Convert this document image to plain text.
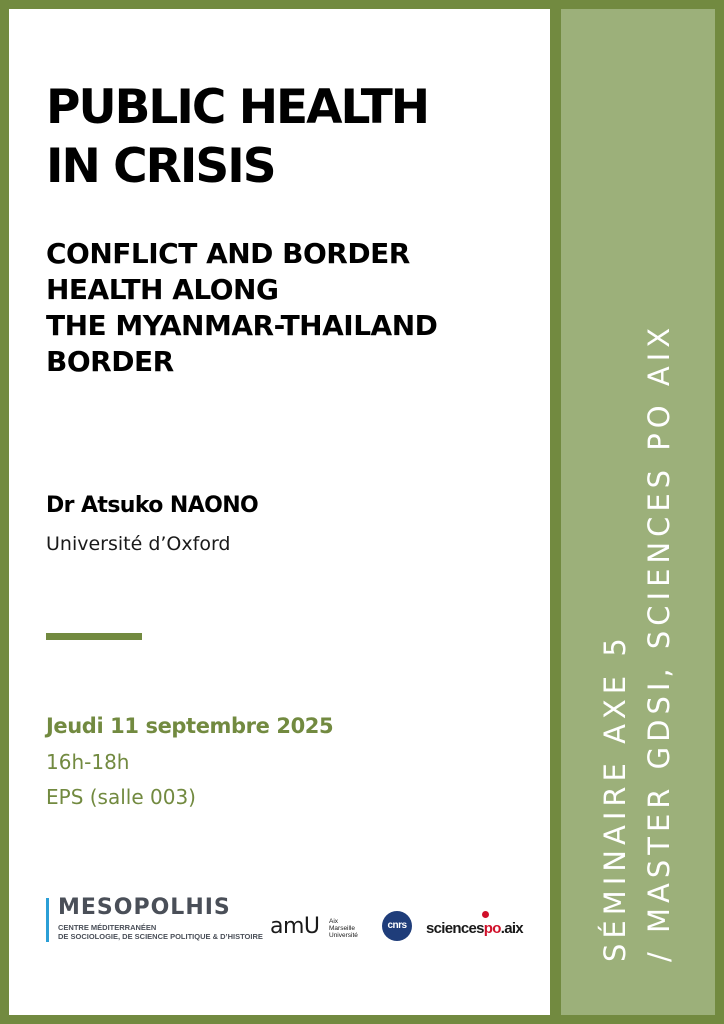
SÉMINAIRE AXE 5 / MASTER GDSI, SCIENCES PO AIX
PUBLIC HEALTH
IN CRISIS
CONFLICT AND BORDER
HEALTH ALONG
THE MYANMAR-THAILAND
BORDER
Dr Atsuko NAONO
Université d’Oxford
Jeudi 11 septembre 2025
16h-18h
EPS (salle 003)
MESOPOLHIS
CENTRE MÉDITERRANÉEN
DE SOCIOLOGIE, DE SCIENCE POLITIQUE & D’HISTOIRE amU Aix
Marseille
Université
cnrs	sciencespo.aix
